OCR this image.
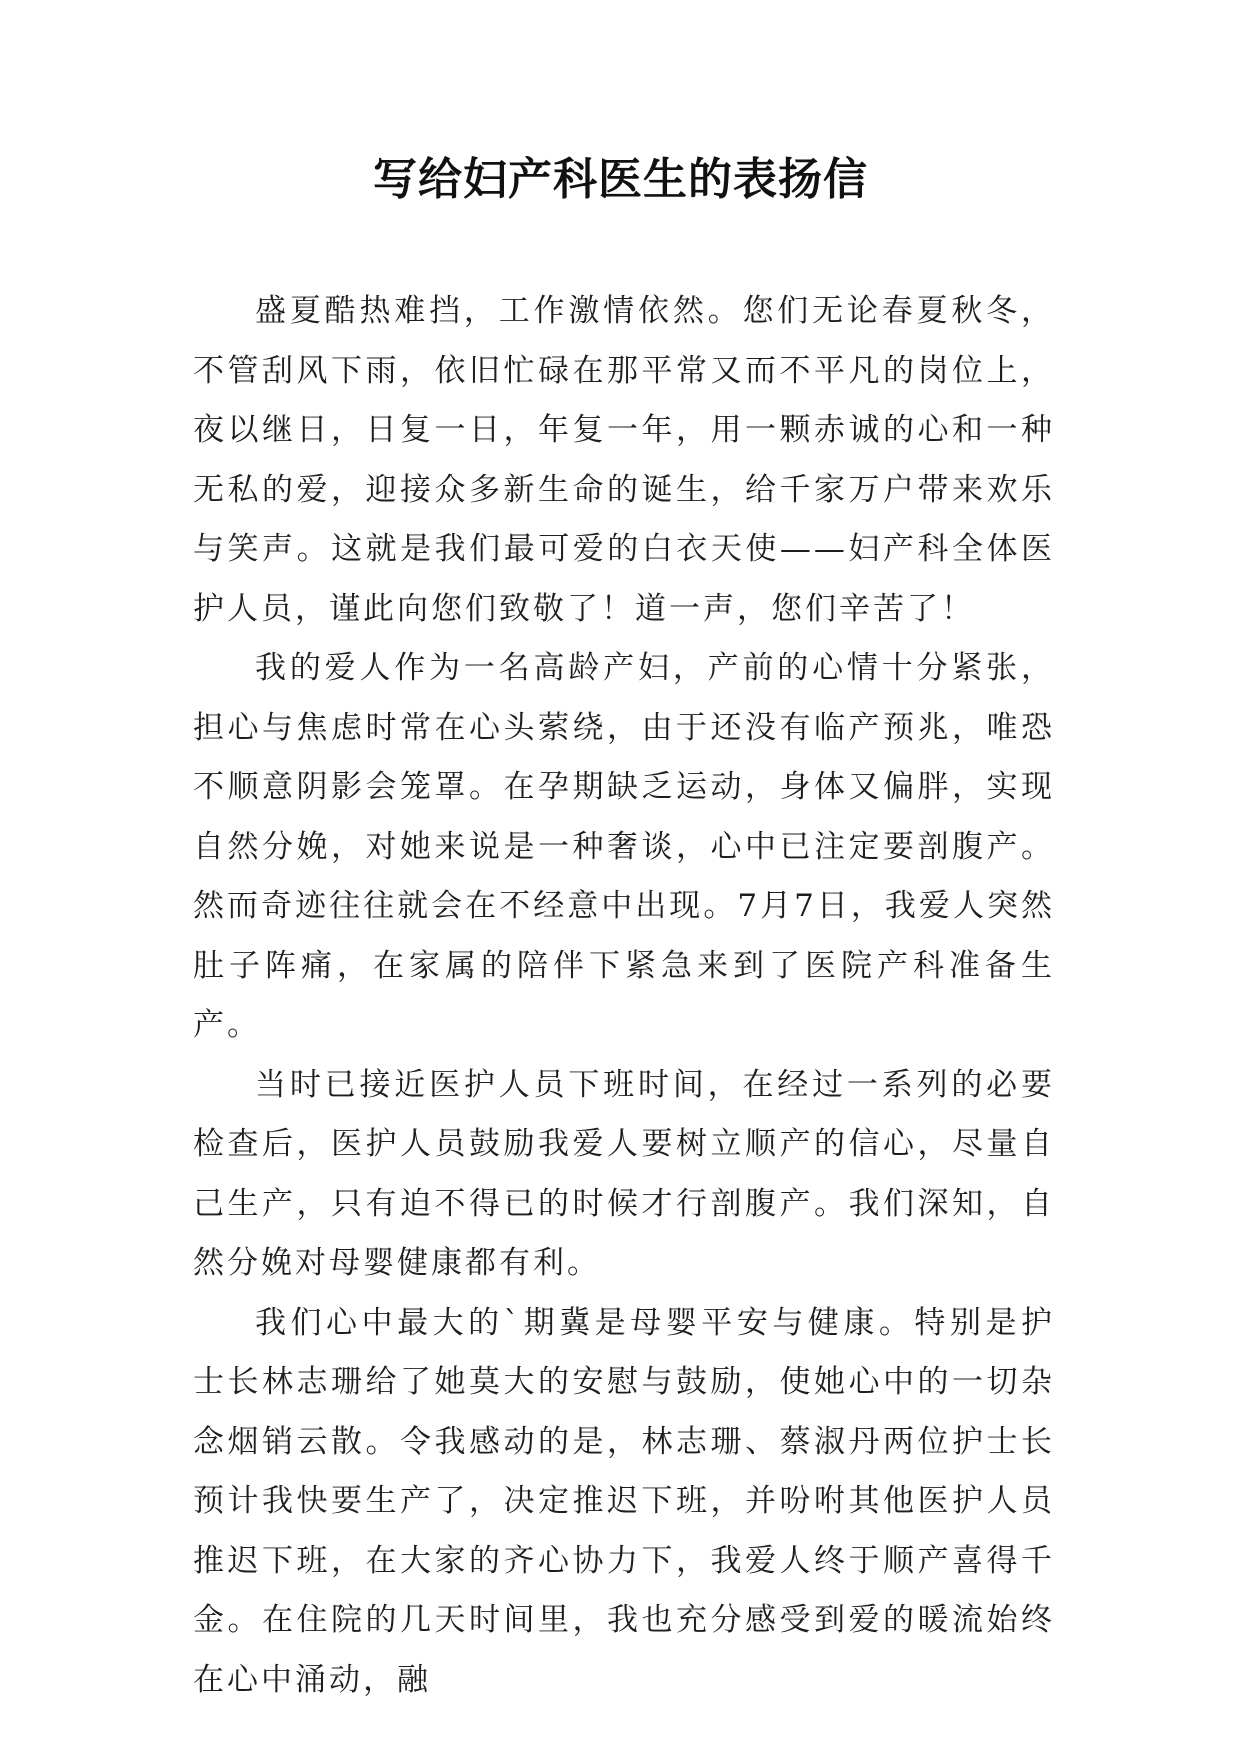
写给妇产科医生的表扬信

盛夏酷热难挡，工作激情依然。您们无论春夏秋冬，不管刮风下雨，依旧忙碌在那平常又而不平凡的岗位上，夜以继日，日复一日，年复一年，用一颗赤诚的心和一种无私的爱，迎接众多新生命的诞生，给千家万户带来欢乐与笑声。这就是我们最可爱的白衣天使——妇产科全体医护人员，谨此向您们致敬了！道一声，您们辛苦了！

我的爱人作为一名高龄产妇，产前的心情十分紧张，担心与焦虑时常在心头萦绕，由于还没有临产预兆，唯恐不顺意阴影会笼罩。在孕期缺乏运动，身体又偏胖，实现自然分娩，对她来说是一种奢谈，心中已注定要剖腹产。然而奇迹往往就会在不经意中出现。7月7日，我爱人突然肚子阵痛，在家属的陪伴下紧急来到了医院产科准备生产。

当时已接近医护人员下班时间，在经过一系列的必要检查后，医护人员鼓励我爱人要树立顺产的信心，尽量自己生产，只有迫不得已的时候才行剖腹产。我们深知，自然分娩对母婴健康都有利。

我们心中最大的`期冀是母婴平安与健康。特别是护士长林志珊给了她莫大的安慰与鼓励，使她心中的一切杂念烟销云散。令我感动的是，林志珊、蔡淑丹两位护士长预计我快要生产了，决定推迟下班，并吩咐其他医护人员推迟下班，在大家的齐心协力下，我爱人终于顺产喜得千金。在住院的几天时间里，我也充分感受到爱的暖流始终在心中涌动，融
